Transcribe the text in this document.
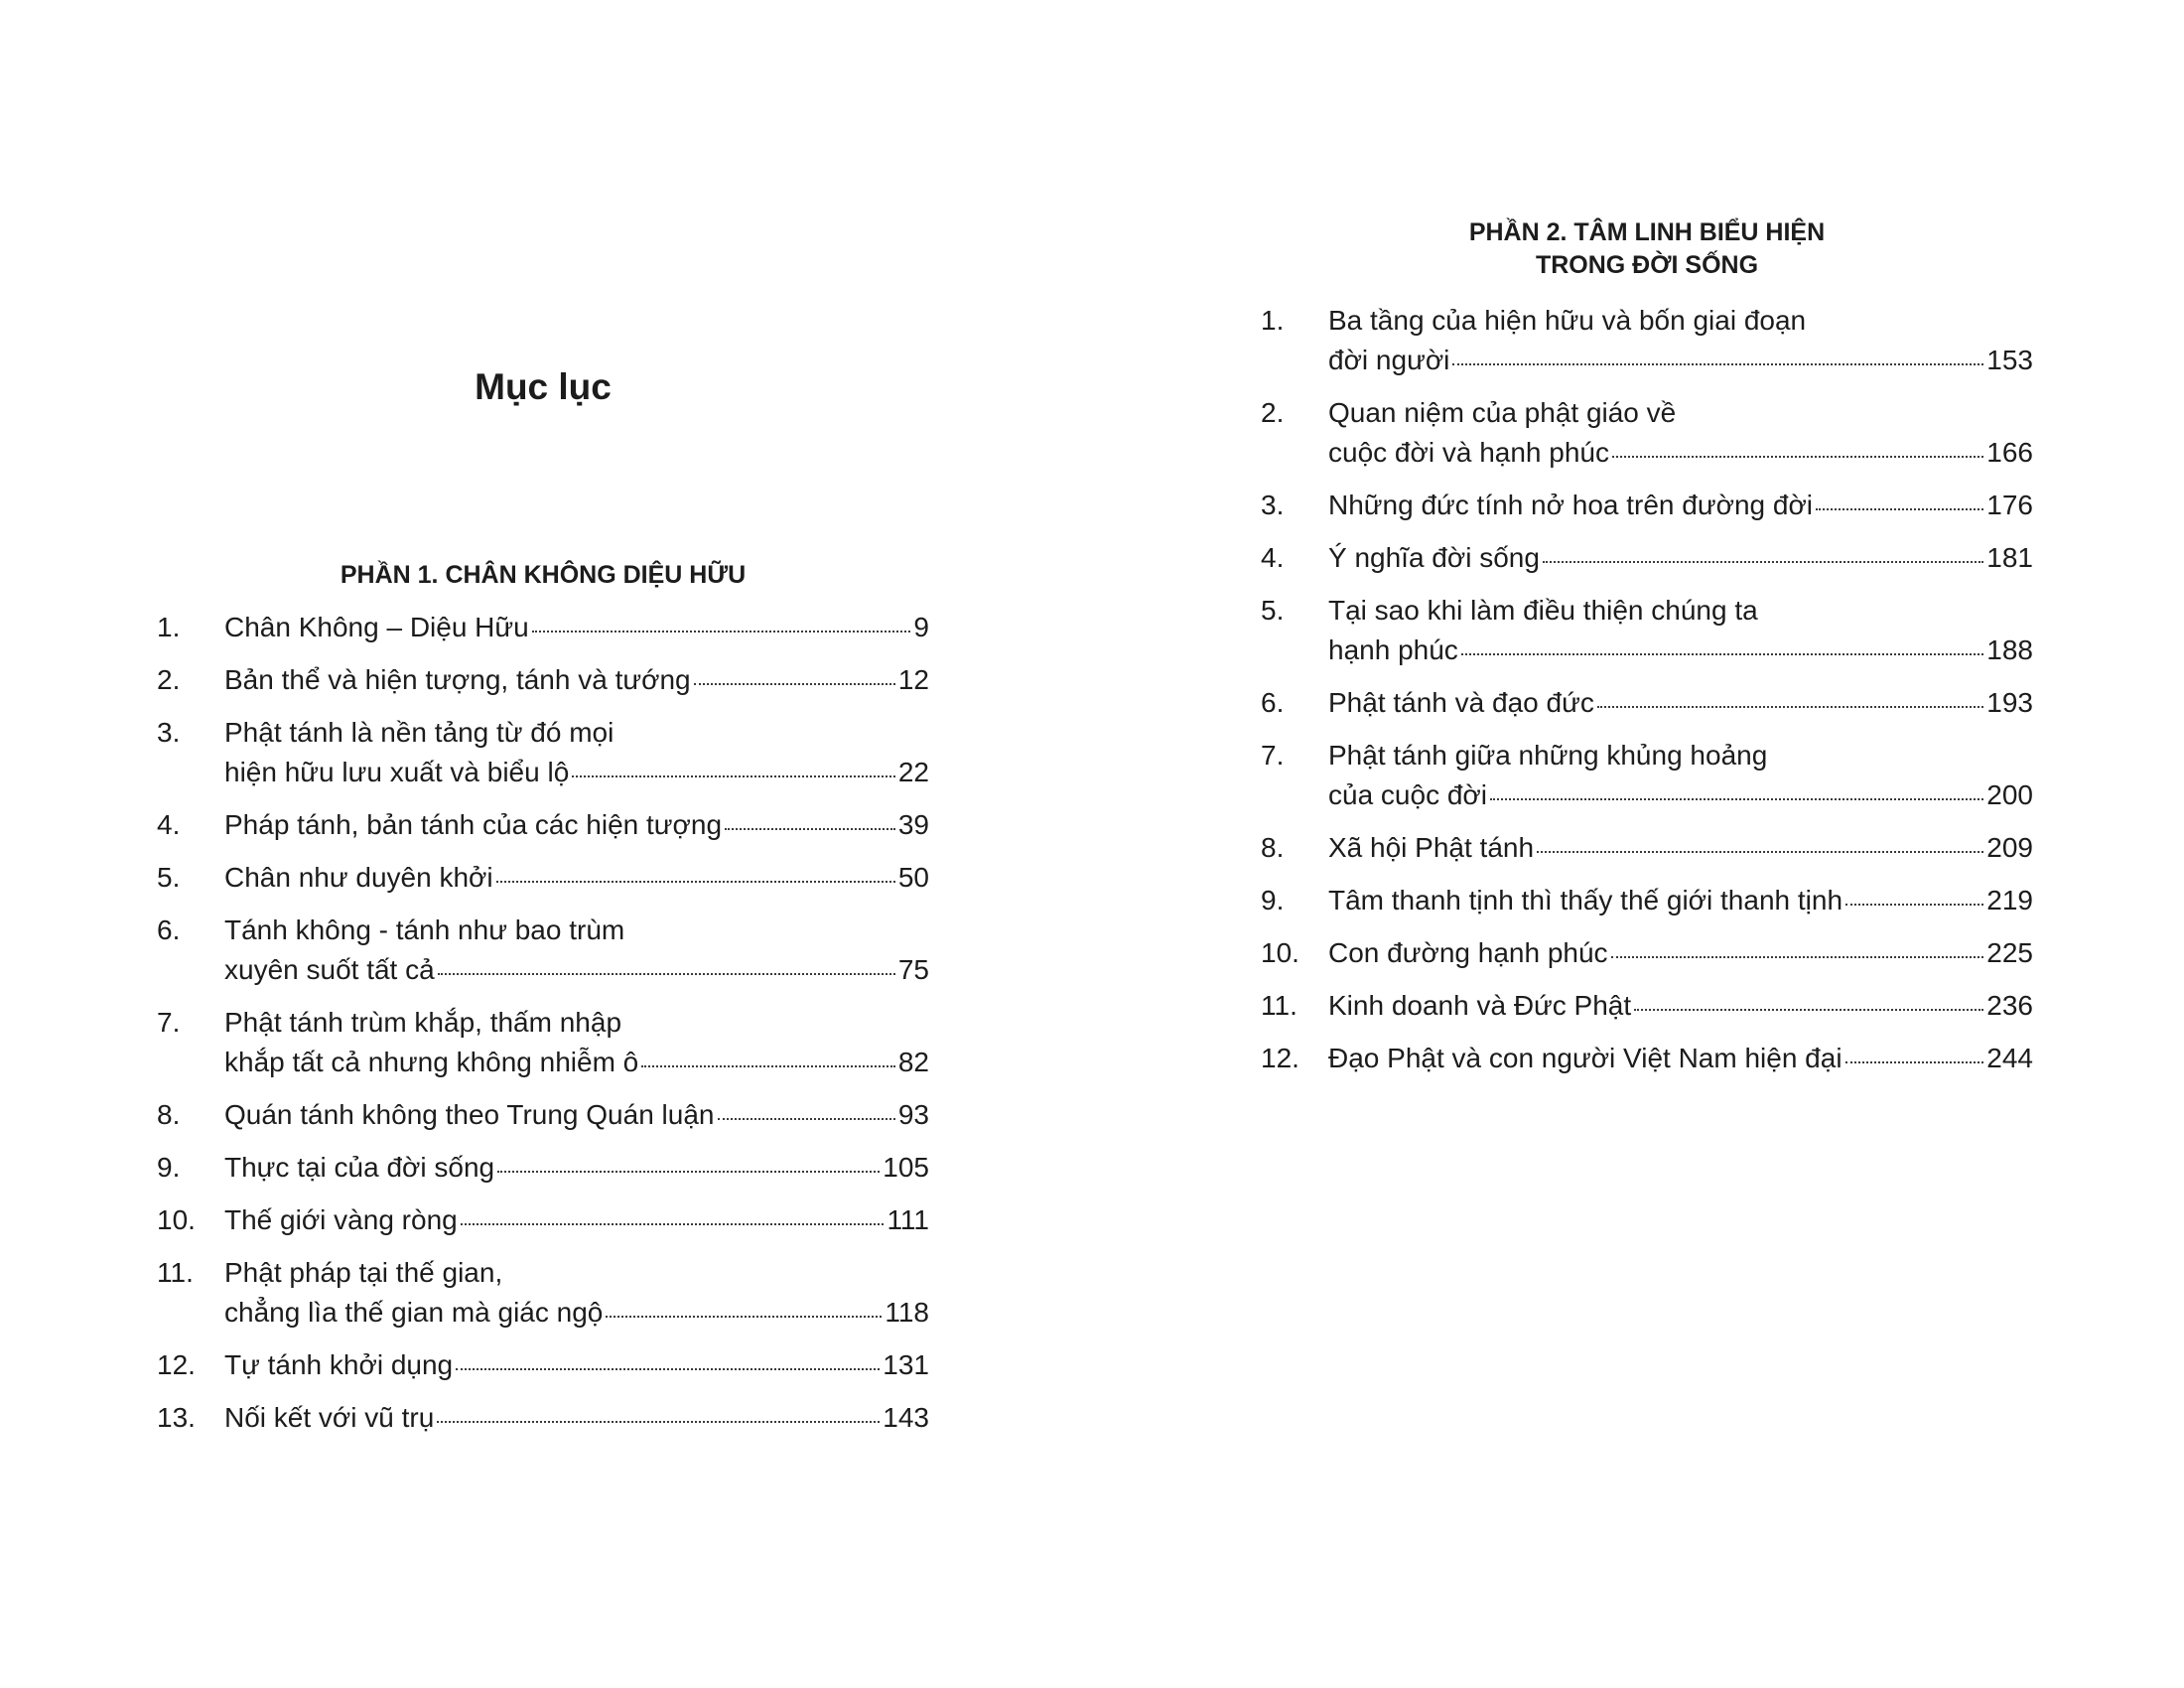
Mục lục
PHẦN 1. CHÂN KHÔNG DIỆU HỮU
1.	Chân Không – Diệu Hữu	9
2.	Bản thể và hiện tượng, tánh và tướng	12
3.	Phật tánh là nền tảng từ đó mọi
hiện hữu lưu xuất và biểu lộ	22
4.	Pháp tánh, bản tánh của các hiện tượng	39
5.	Chân như duyên khởi	50
6.	Tánh không - tánh như bao trùm
xuyên suốt tất cả	75
7.	Phật tánh trùm khắp, thấm nhập
khắp tất cả nhưng không nhiễm ô	82
8.	Quán tánh không theo Trung Quán luận	93
9.	Thực tại của đời sống	105
10.	Thế giới vàng ròng	111
11.	Phật pháp tại thế gian,
chẳng lìa thế gian mà giác ngộ	118
12.	Tự tánh khởi dụng	131
13.	Nối kết với vũ trụ	143
PHẦN 2. TÂM LINH BIỂU HIỆN
TRONG ĐỜI SỐNG
1.	Ba tầng của hiện hữu và bốn giai đoạn
đời người	153
2.	Quan niệm của phật giáo về
cuộc đời và hạnh phúc	166
3.	Những đức tính nở hoa trên đường đời	176
4.	Ý nghĩa đời sống	181
5.	Tại sao khi làm điều thiện chúng ta
hạnh phúc	188
6.	Phật tánh và đạo đức	193
7.	Phật tánh giữa những khủng hoảng
của cuộc đời	200
8.	Xã hội Phật tánh	209
9.	Tâm thanh tịnh thì thấy thế giới thanh tịnh	219
10.	Con đường hạnh phúc	225
11.	Kinh doanh và Đức Phật	236
12.	Đạo Phật và con người Việt Nam hiện đại	244
